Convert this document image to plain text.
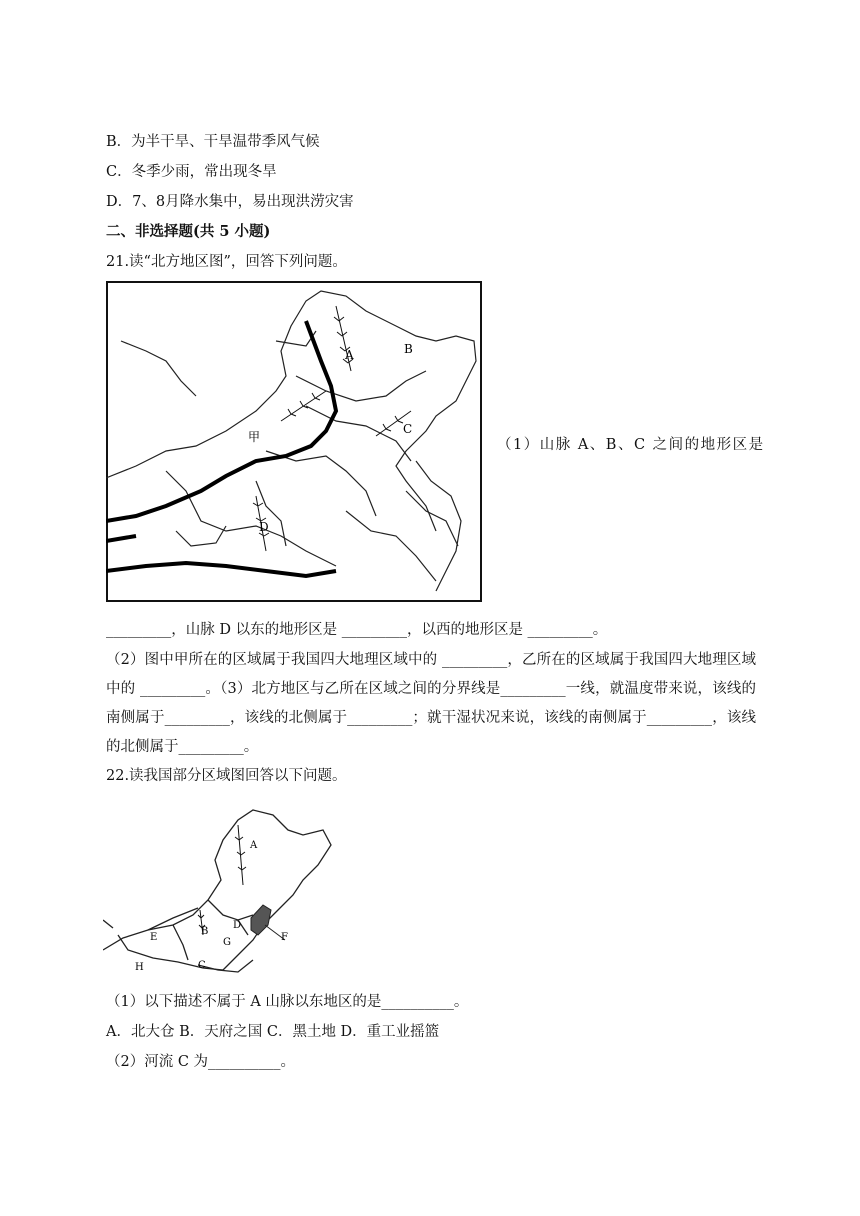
B．为半干旱、干旱温带季风气候
C．冬季少雨，常出现冬旱
D．7、8月降水集中，易出现洪涝灾害
二、非选择题(共 5 小题)
21.读“北方地区图”，回答下列问题。
A	B
C
D
甲	（1）山脉 A、B、C 之间的地形区是
_________，山脉 D 以东的地形区是 _________，以西的地形区是 _________。
（2）图中甲所在的区域属于我国四大地理区域中的 _________，乙所在的区域属于我国四大地理区域中的 _________。（3）北方地区与乙所在区域之间的分界线是_________一线，就温度带来说，该线的南侧属于_________，该线的北侧属于_________；就干湿状况来说，该线的南侧属于_________，该线的北侧属于_________。
22.读我国部分区域图回答以下问题。
A
B
C
D
E	F
G
H
（1）以下描述不属于 A 山脉以东地区的是__________。
A．北大仓 B．天府之国 C．黑土地 D．重工业摇篮
（2）河流 C 为__________。
